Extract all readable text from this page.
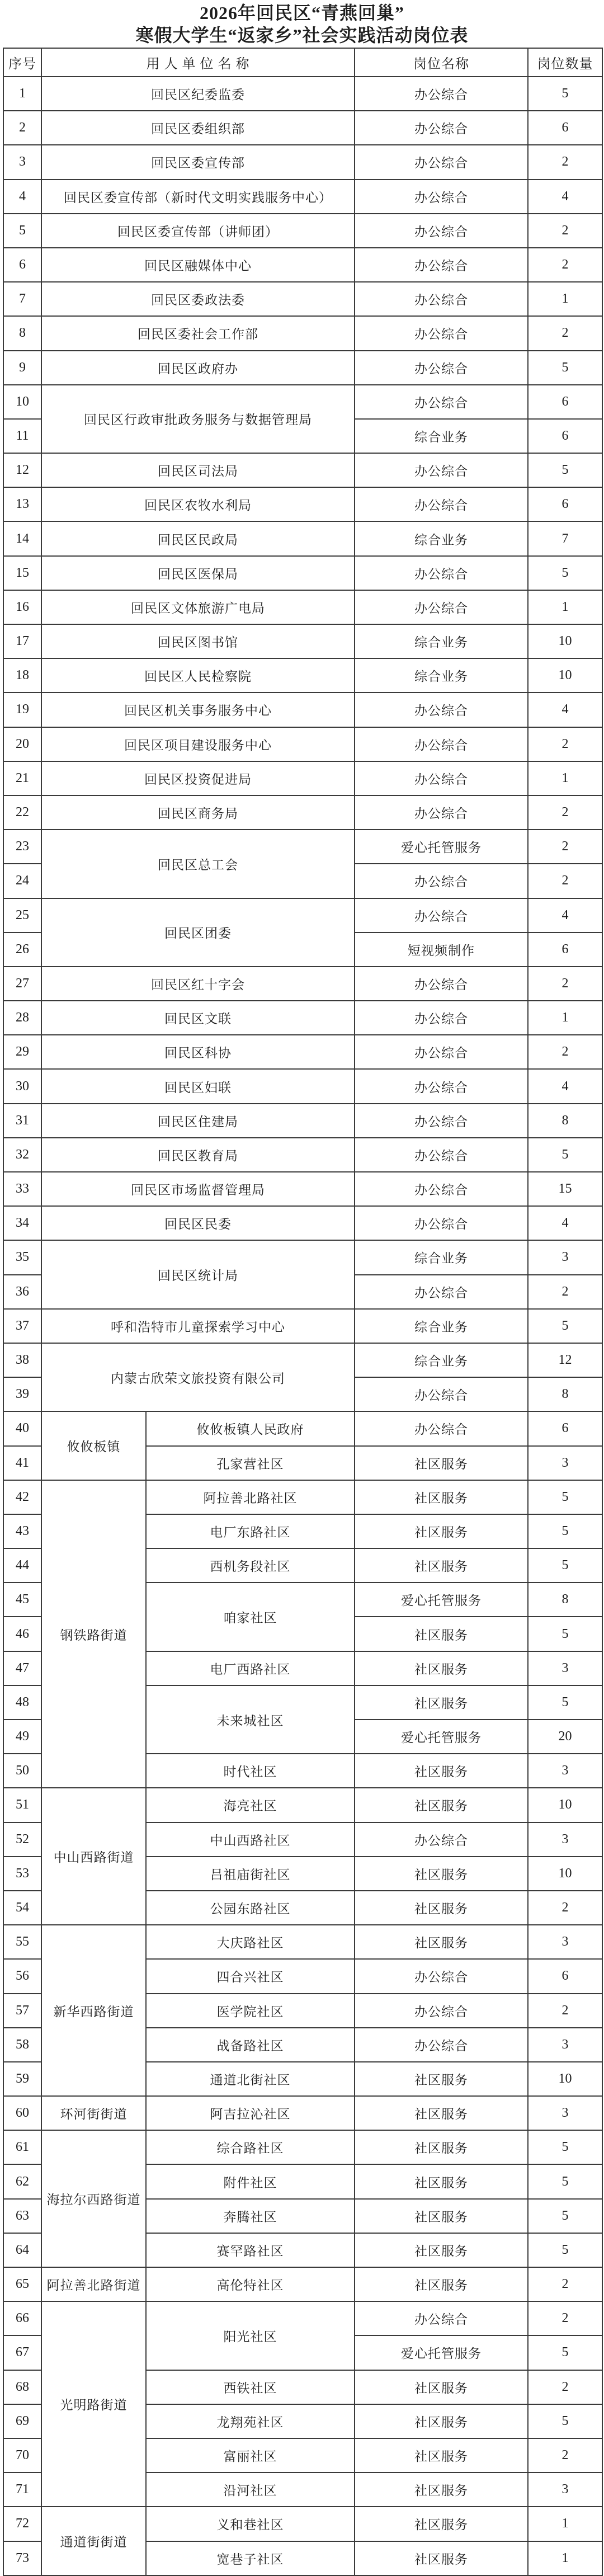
2026年回民区“青燕回巢”
寒假大学生“返家乡”社会实践活动岗位表
序号	用 人 单 位 名 称		岗位名称	岗位数量
1	回民区纪委监委		办公综合	5
2	回民区委组织部		办公综合	6
3	回民区委宣传部		办公综合	2
4	回民区委宣传部（新时代文明实践服务中心）		办公综合	4
5	回民区委宣传部（讲师团）		办公综合	2
6	回民区融媒体中心		办公综合	2
7	回民区委政法委		办公综合	1
8	回民区委社会工作部		办公综合	2
9	回民区政府办		办公综合	5
10	回民区行政审批政务服务与数据管理局		办公综合	6
11			综合业务	6
12	回民区司法局		办公综合	5
13	回民区农牧水利局		办公综合	6
14	回民区民政局		综合业务	7
15	回民区医保局		办公综合	5
16	回民区文体旅游广电局		办公综合	1
17	回民区图书馆		综合业务	10
18	回民区人民检察院		综合业务	10
19	回民区机关事务服务中心		办公综合	4
20	回民区项目建设服务中心		办公综合	2
21	回民区投资促进局		办公综合	1
22	回民区商务局		办公综合	2
23	回民区总工会		爱心托管服务	2
24			办公综合	2
25	回民区团委		办公综合	4
26			短视频制作	6
27	回民区红十字会		办公综合	2
28	回民区文联		办公综合	1
29	回民区科协		办公综合	2
30	回民区妇联		办公综合	4
31	回民区住建局		办公综合	8
32	回民区教育局		办公综合	5
33	回民区市场监督管理局		办公综合	15
34	回民区民委		办公综合	4
35	回民区统计局		综合业务	3
36			办公综合	2
37	呼和浩特市儿童探索学习中心		综合业务	5
38	内蒙古欣荣文旅投资有限公司		综合业务	12
39			办公综合	8
40	攸攸板镇	攸攸板镇人民政府	办公综合	6
41		孔家营社区	社区服务	3
42	钢铁路街道	阿拉善北路社区	社区服务	5
43		电厂东路社区	社区服务	5
44		西机务段社区	社区服务	5
45		咱家社区	爱心托管服务	8
46			社区服务	5
47		电厂西路社区	社区服务	3
48		未来城社区	社区服务	5
49			爱心托管服务	20
50		时代社区	社区服务	3
51	中山西路街道	海亮社区	社区服务	10
52		中山西路社区	办公综合	3
53		吕祖庙街社区	社区服务	10
54		公园东路社区	社区服务	2
55	新华西路街道	大庆路社区	社区服务	3
56		四合兴社区	办公综合	6
57		医学院社区	办公综合	2
58		战备路社区	办公综合	3
59		通道北街社区	社区服务	10
60	环河街街道	阿吉拉沁社区	社区服务	3
61	海拉尔西路街道	综合路社区	社区服务	5
62		附件社区	社区服务	5
63		奔腾社区	社区服务	5
64		赛罕路社区	社区服务	5
65	阿拉善北路街道	高伦特社区	社区服务	2
66	光明路街道	阳光社区	办公综合	2
67			爱心托管服务	5
68		西铁社区	社区服务	2
69		龙翔苑社区	社区服务	5
70		富丽社区	社区服务	2
71		沿河社区	社区服务	3
72	通道街街道	义和巷社区	社区服务	1
73		宽巷子社区	社区服务	1
